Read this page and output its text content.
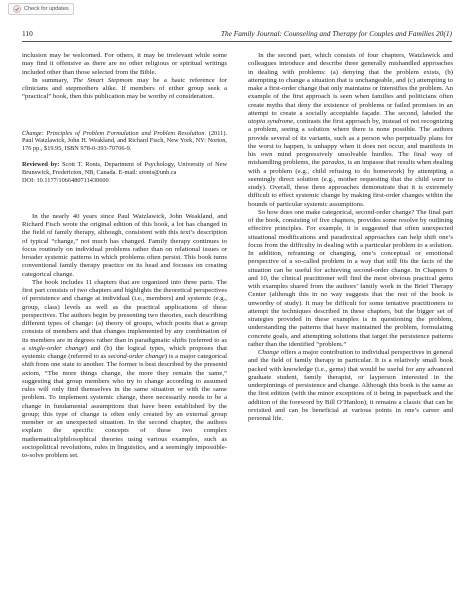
Check for updates
110	The Family Journal: Counseling and Therapy for Couples and Families 20(1)

inclusion may be welcomed. For others, it may be irrelevant while some may find it offensive as there are no other religious or spiritual writings included other than those selected from the Bible.

In summary, The Smart Stepmom may be a basic reference for clinicians and stepmothers alike. If members of either group seek a “practical” book, then this publication may be worthy of consideration.

Change: Principles of Problem Formulation and Problem Resolution. (2011). Paul Watzlawick, John H. Weakland, and Richard Fisch, New York, NY: Norton, 176 pp., $19.95, ISBN 978-0-393-70706-9.

Reviewed by: Scott T. Ronis, Department of Psychology, University of New Brunswick, Fredericton, NB, Canada. E-mail: sronis@unb.ca

DOI: 10.1177/1066480711430600

In the nearly 40 years since Paul Watzlawick, John Weakland, and Richard Fisch wrote the original edition of this book, a lot has changed in the field of family therapy, although, consistent with this text’s description of typical “change,” not much has changed. Family therapy continues to focus routinely on individual problems rather than on relational issues or broader systemic patterns in which problems often persist. This book turns conventional family therapy practice on its head and focuses on creating categorical change.

The book includes 11 chapters that are organized into three parts. The first part consists of two chapters and highlights the theoretical perspectives of persistence and change at individual (i.e., members) and systemic (e.g., group, class) levels as well as the practical applications of these perspectives. The authors begin by presenting two theories, each describing different types of change: (a) theory of groups, which posits that a group consists of members and that changes implemented by any combination of its members are in degrees rather than in paradigmatic shifts (referred to as a single-order change) and (b) the logical types, which proposes that systemic change (referred to as second-order change) is a major categorical shift from one state to another. The former is best described by the presentd axiom, “The more things change, the more they remain the same,” suggesting that group members who try to change according to assumed rules will only find themselves in the same situation or with the same problem. To implement systemic change, there necessarily needs to be a change in fundamental assumptions that have been established by the group; this type of change is often only created by an external group member or an unexpected situation. In the second chapter, the authors explain the specific concepts of these two complex mathematical/philosophical theories using various examples, such as sociopolitical revolutions, rules in linguistics, and a seemingly impossible-to-solve problem set.

In the second part, which consists of four chapters, Watzlawick and colleagues introduce and describe three generally mishandled approaches in dealing with problems: (a) denying that the problem exists, (b) attempting to change a situation that is unchangeable, and (c) attempting to make a first-order change that only maintains or intensifies the problem. An example of the first approach is seen when families and politicians often create myths that deny the existence of problems or failed promises in an attempt to create a socially acceptable façade. The second, labeled the utopia syndrome, contrasts the first approach by, instead of not recognizing a problem, seeing a solution where there is none possible. The authors provide several of its variants, such as a person who perpetually plans for the worst to happen, is unhappy when it does not occur, and manifests in his own mind progressively unsolvable hurdles. The final way of mishandling problems, the paradox, is an impasse that results when dealing with a problem (e.g., child refusing to do homework) by attempting a seemingly direct solution (e.g., mother requesting that the child want to study). Overall, these three approaches demonstrate that it is extremely difficult to effect systemic change by making first-order changes within the bounds of particular systemic assumptions.

So how does one make categorical, second-order change? The final part of the book, consisting of five chapters, provides some resolve by outlining effective principles. For example, it is suggested that often unexpected situational modifications and paradoxical approaches can help shift one’s focus from the difficulty in dealing with a particular problem to a solution. In addition, reframing or changing, one’s conceptual or emotional perspective of a so-called problem in a way that still fits the facts of the situation can be useful for achieving second-order change. In Chapters 9 and 10, the clinical practitioner will find the most obvious practical gems with examples shared from the authors’ family work in the Brief Therapy Center (although this in no way suggests that the rest of the book is unworthy of study). It may be difficult for some tentative practitioners to attempt the techniques described in these chapters, but the bigger set of strategies provided in these examples is in questioning the problem, understanding the patterns that have maintained the problem, formulating concrete goals, and attempting solutions that target the persistence patterns rather than the identified “problem.”

Change offers a major contribution to individual perspectives in general and the field of family therapy in particular. It is a relatively small book packed with knowledge (i.e., gems) that would be useful for any advanced graduate student, family therapist, or layperson interested in the underpinnings of persistence and change. Although this book is the same as the first edition (with the minor exceptions of it being in paperback and the addition of the foreword by Bill O’Hanlon), it remains a classic that can be revisited and can be beneficial at various points in one’s career and personal life.
